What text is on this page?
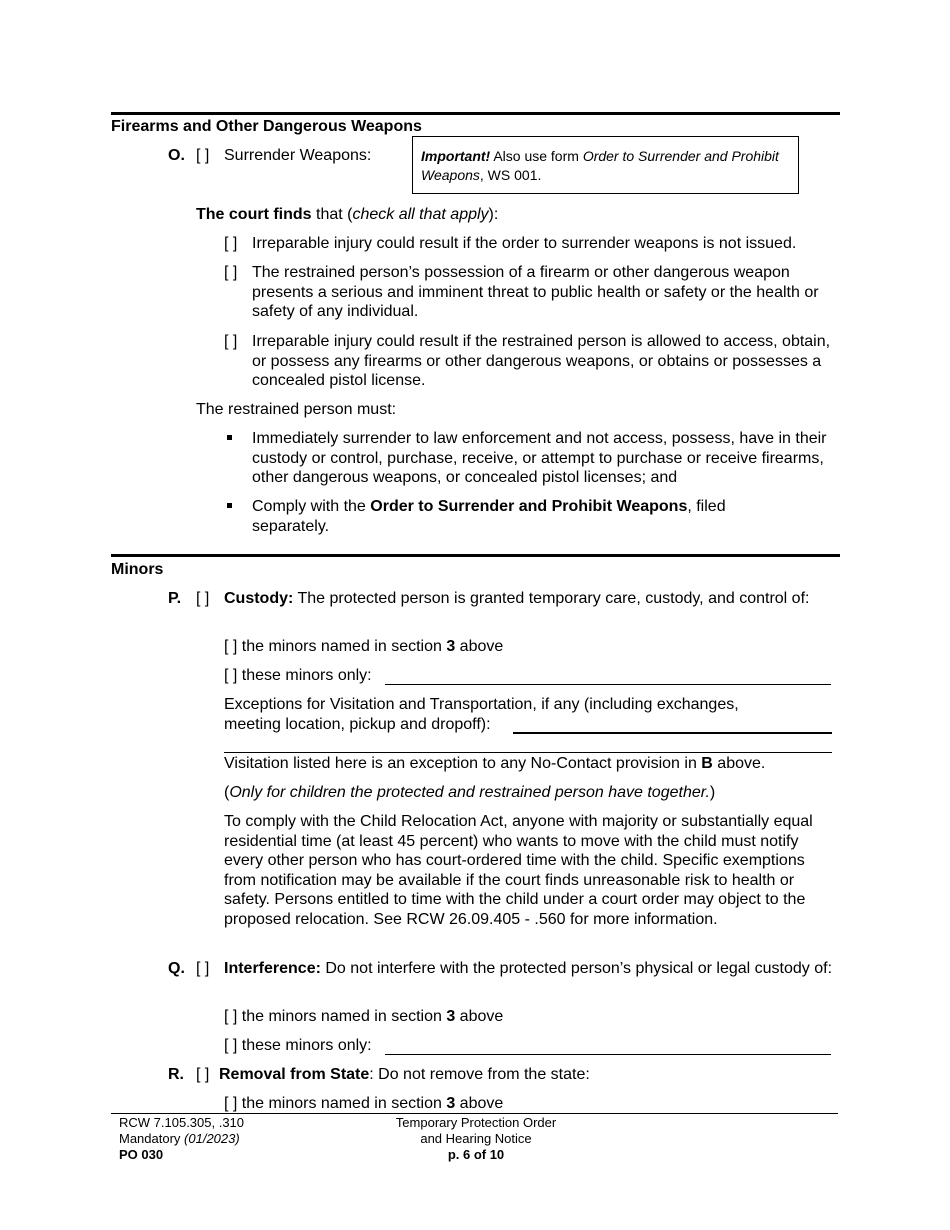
Firearms and Other Dangerous Weapons
O. [ ] Surrender Weapons:	Important! Also use form Order to Surrender and Prohibit Weapons, WS 001.
The court finds that (check all that apply):
[ ] Irreparable injury could result if the order to surrender weapons is not issued.
[ ] The restrained person’s possession of a firearm or other dangerous weapon presents a serious and imminent threat to public health or safety or the health or safety of any individual.
[ ] Irreparable injury could result if the restrained person is allowed to access, obtain, or possess any firearms or other dangerous weapons, or obtains or possesses a concealed pistol license.
The restrained person must:
Immediately surrender to law enforcement and not access, possess, have in their custody or control, purchase, receive, or attempt to purchase or receive firearms, other dangerous weapons, or concealed pistol licenses; and
Comply with the Order to Surrender and Prohibit Weapons, filed separately.
Minors
P. [ ] Custody: The protected person is granted temporary care, custody, and control of:
[ ] the minors named in section 3 above
[ ] these minors only:
Exceptions for Visitation and Transportation, if any (including exchanges, meeting location, pickup and dropoff):
Visitation listed here is an exception to any No-Contact provision in B above.
(Only for children the protected and restrained person have together.)
To comply with the Child Relocation Act, anyone with majority or substantially equal residential time (at least 45 percent) who wants to move with the child must notify every other person who has court-ordered time with the child. Specific exemptions from notification may be available if the court finds unreasonable risk to health or safety. Persons entitled to time with the child under a court order may object to the proposed relocation. See RCW 26.09.405 - .560 for more information.
Q. [ ] Interference: Do not interfere with the protected person’s physical or legal custody of:
[ ] the minors named in section 3 above
[ ] these minors only:
R. [ ] Removal from State: Do not remove from the state:
[ ] the minors named in section 3 above
RCW 7.105.305, .310
Mandatory (01/2023)
PO 030
Temporary Protection Order
and Hearing Notice
p. 6 of 10
